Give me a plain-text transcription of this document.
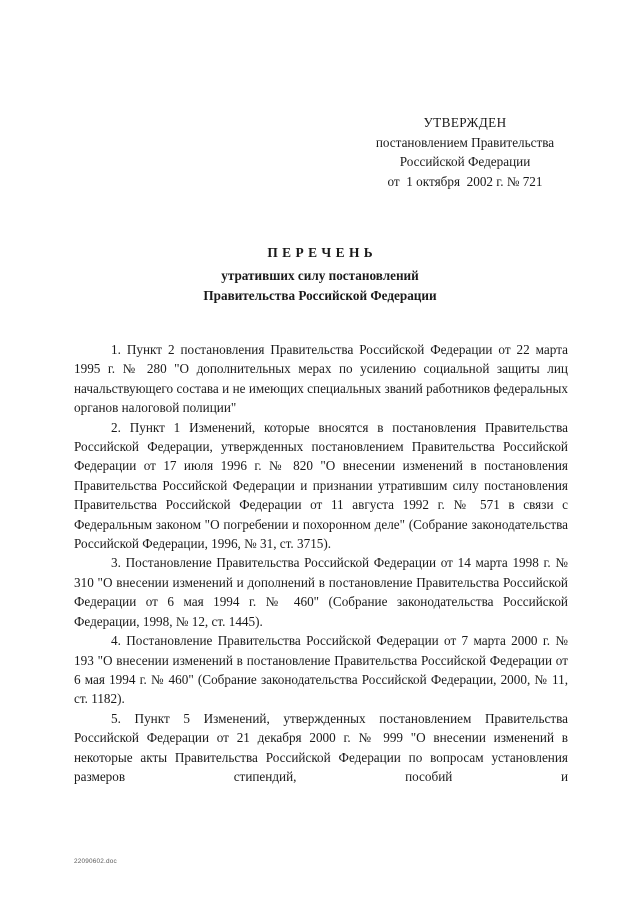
УТВЕРЖДЕН
постановлением Правительства
Российской Федерации
от  1 октября  2002 г. № 721
ПЕРЕЧЕНЬ
утративших силу постановлений
Правительства Российской Федерации

1. Пункт 2 постановления Правительства Российской Федерации от 22 марта 1995 г. № 280 "О дополнительных мерах по усилению социальной защиты лиц начальствующего состава и не имеющих специальных званий работников федеральных органов налоговой полиции"

2. Пункт 1 Изменений, которые вносятся в постановления Правительства Российской Федерации, утвержденных постановлением Правительства Российской Федерации от 17 июля 1996 г. № 820 "О внесении изменений в постановления Правительства Российской Федерации и признании утратившим силу постановления Правительства Российской Федерации от 11 августа 1992 г. № 571 в связи с Федеральным законом "О погребении и похоронном деле" (Собрание законодательства Российской Федерации, 1996, № 31, ст. 3715).

3. Постановление Правительства Российской Федерации от 14 марта 1998 г. № 310 "О внесении изменений и дополнений в постановление Правительства Российской Федерации от 6 мая 1994 г. № 460" (Собрание законодательства Российской Федерации, 1998, № 12, ст. 1445).

4. Постановление Правительства Российской Федерации от 7 марта 2000 г. № 193 "О внесении изменений в постановление Правительства Российской Федерации от 6 мая 1994 г. № 460" (Собрание законодательства Российской Федерации, 2000, № 11, ст. 1182).

5. Пункт 5 Изменений, утвержденных постановлением Правительства Российской Федерации от 21 декабря 2000 г. № 999 "О внесении изменений в некоторые акты Правительства Российской Федерации по вопросам установления размеров стипендий, пособий и

22090602.doc
